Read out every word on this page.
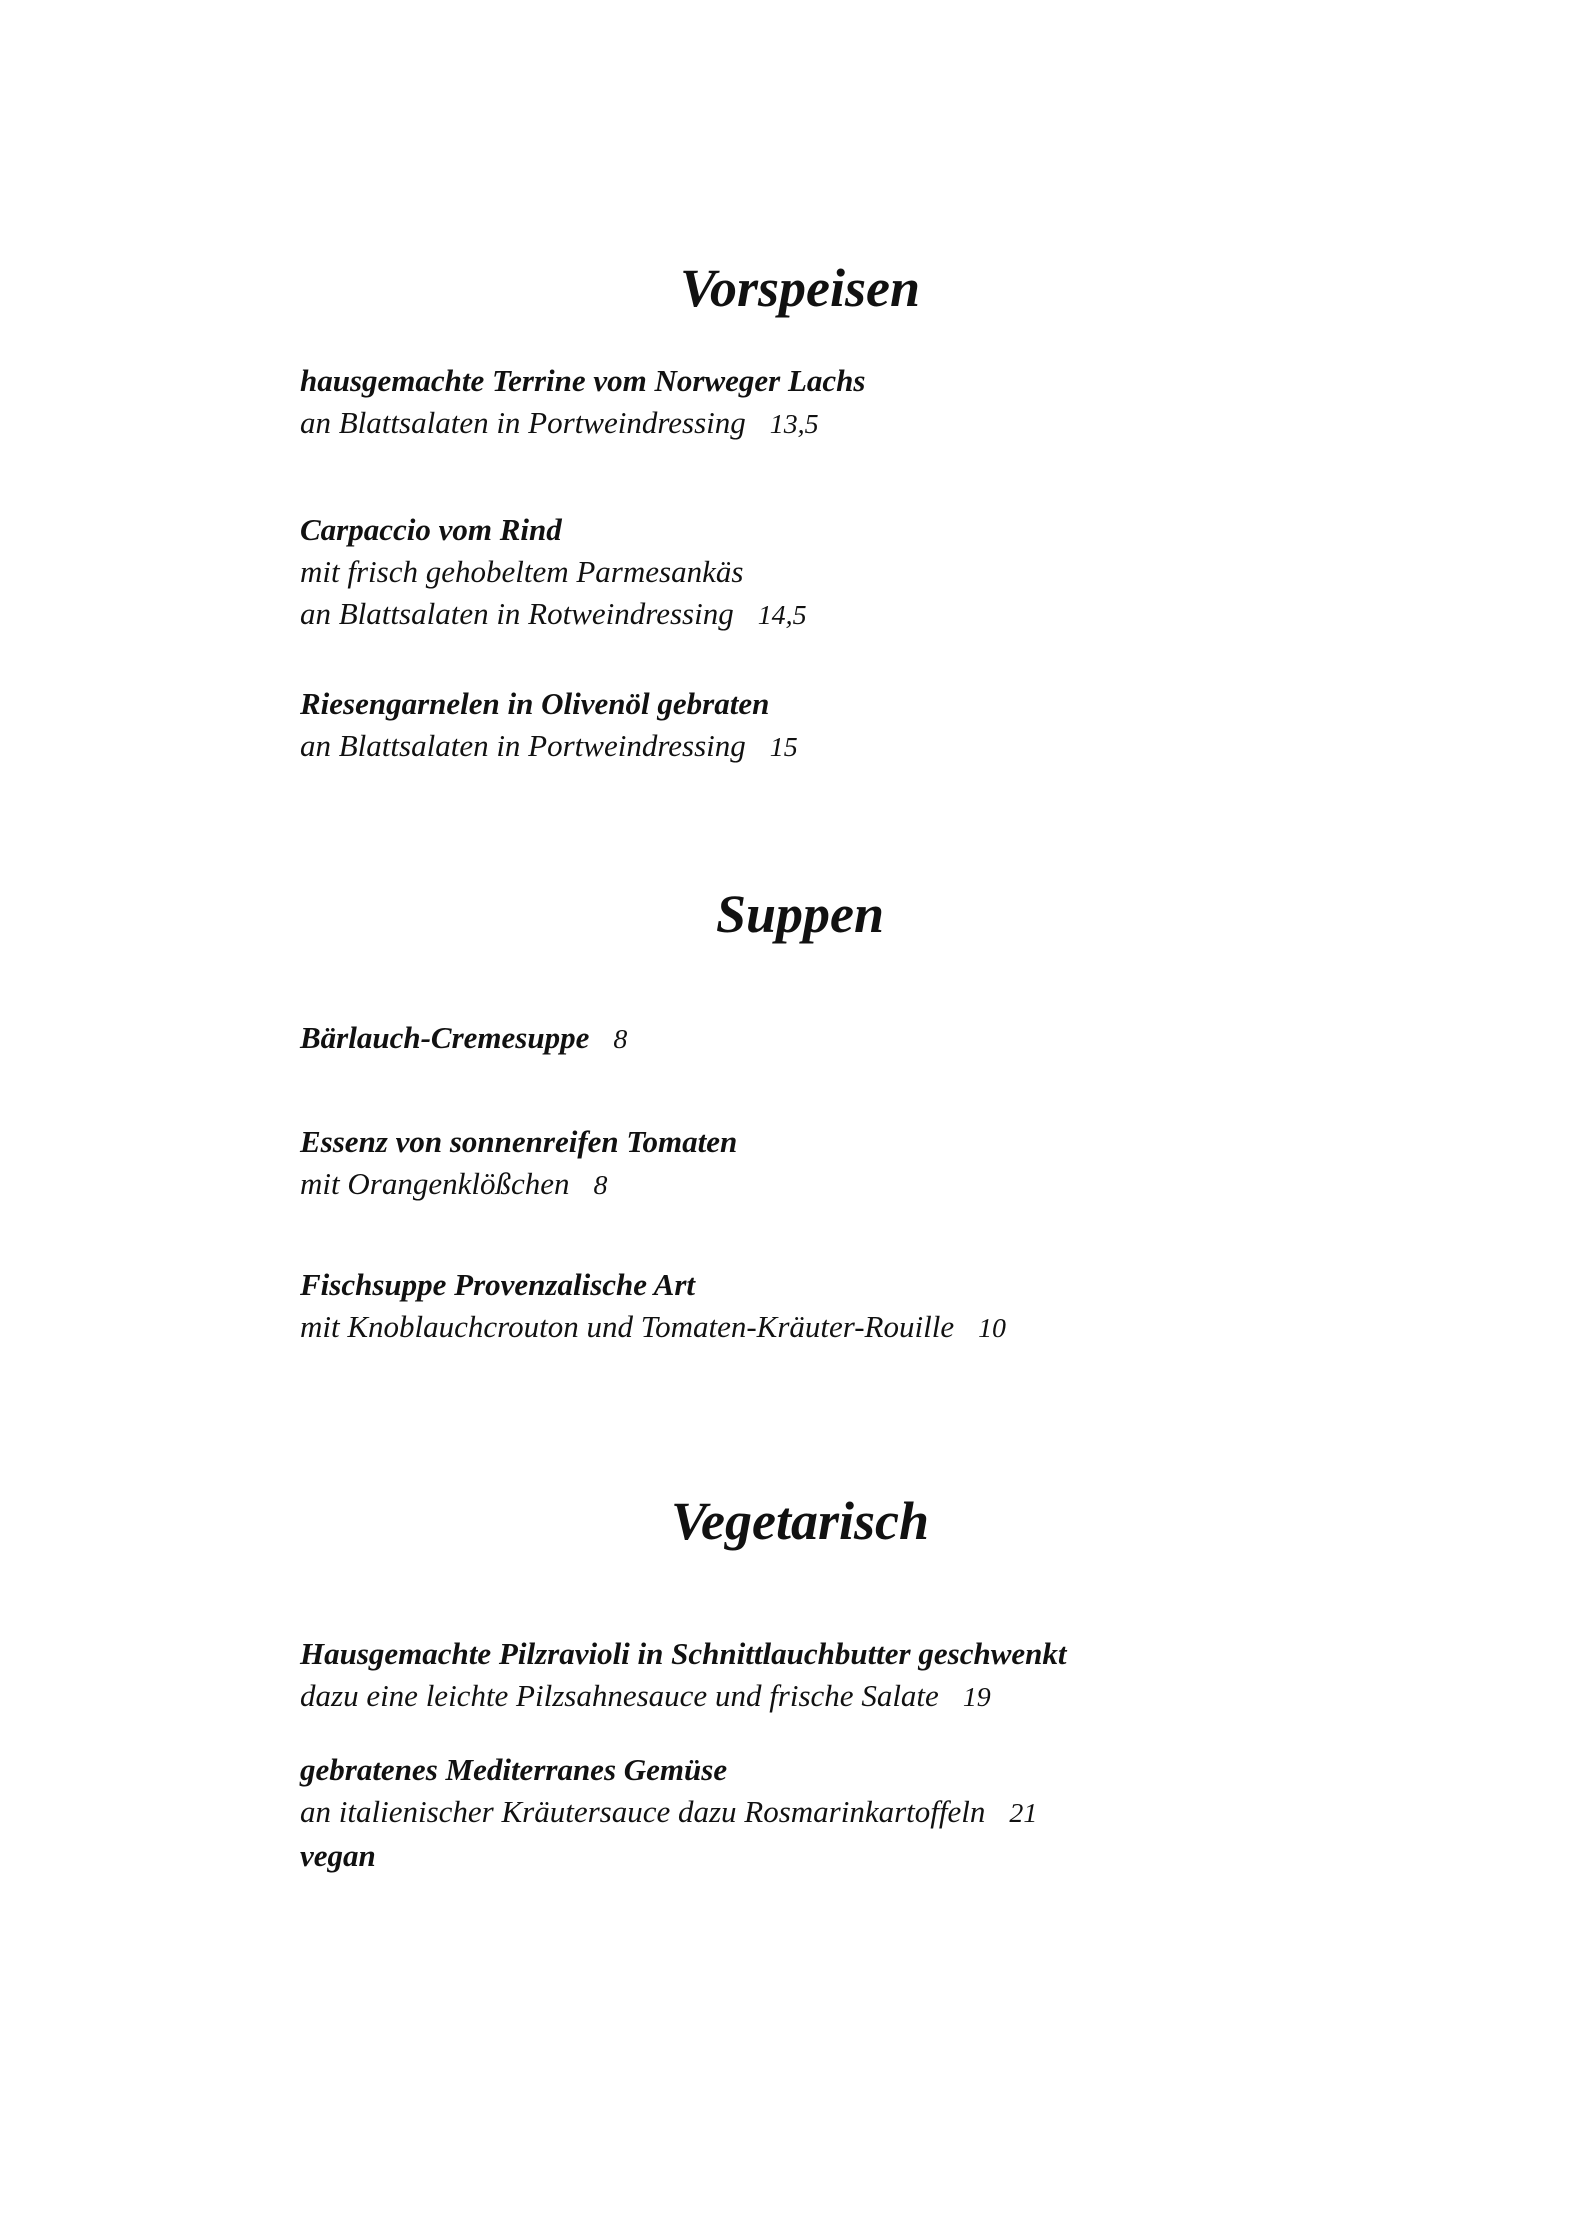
Vorspeisen
hausgemachte Terrine vom Norweger Lachs
an Blattsalaten in Portweindressing 13,5
Carpaccio vom Rind
mit frisch gehobeltem Parmesankäs
an Blattsalaten in Rotweindressing 14,5
Riesengarnelen in Olivenöl gebraten
an Blattsalaten in Portweindressing 15
Suppen
Bärlauch-Cremesuppe 8
Essenz von sonnenreifen Tomaten
mit Orangenklößchen 8
Fischsuppe Provenzalische Art
mit Knoblauchcrouton und Tomaten-Kräuter-Rouille 10
Vegetarisch
Hausgemachte Pilzravioli in Schnittlauchbutter geschwenkt
dazu eine leichte Pilzsahnesauce und frische Salate 19
gebratenes Mediterranes Gemüse
an italienischer Kräutersauce dazu Rosmarinkartoffeln 21
vegan
